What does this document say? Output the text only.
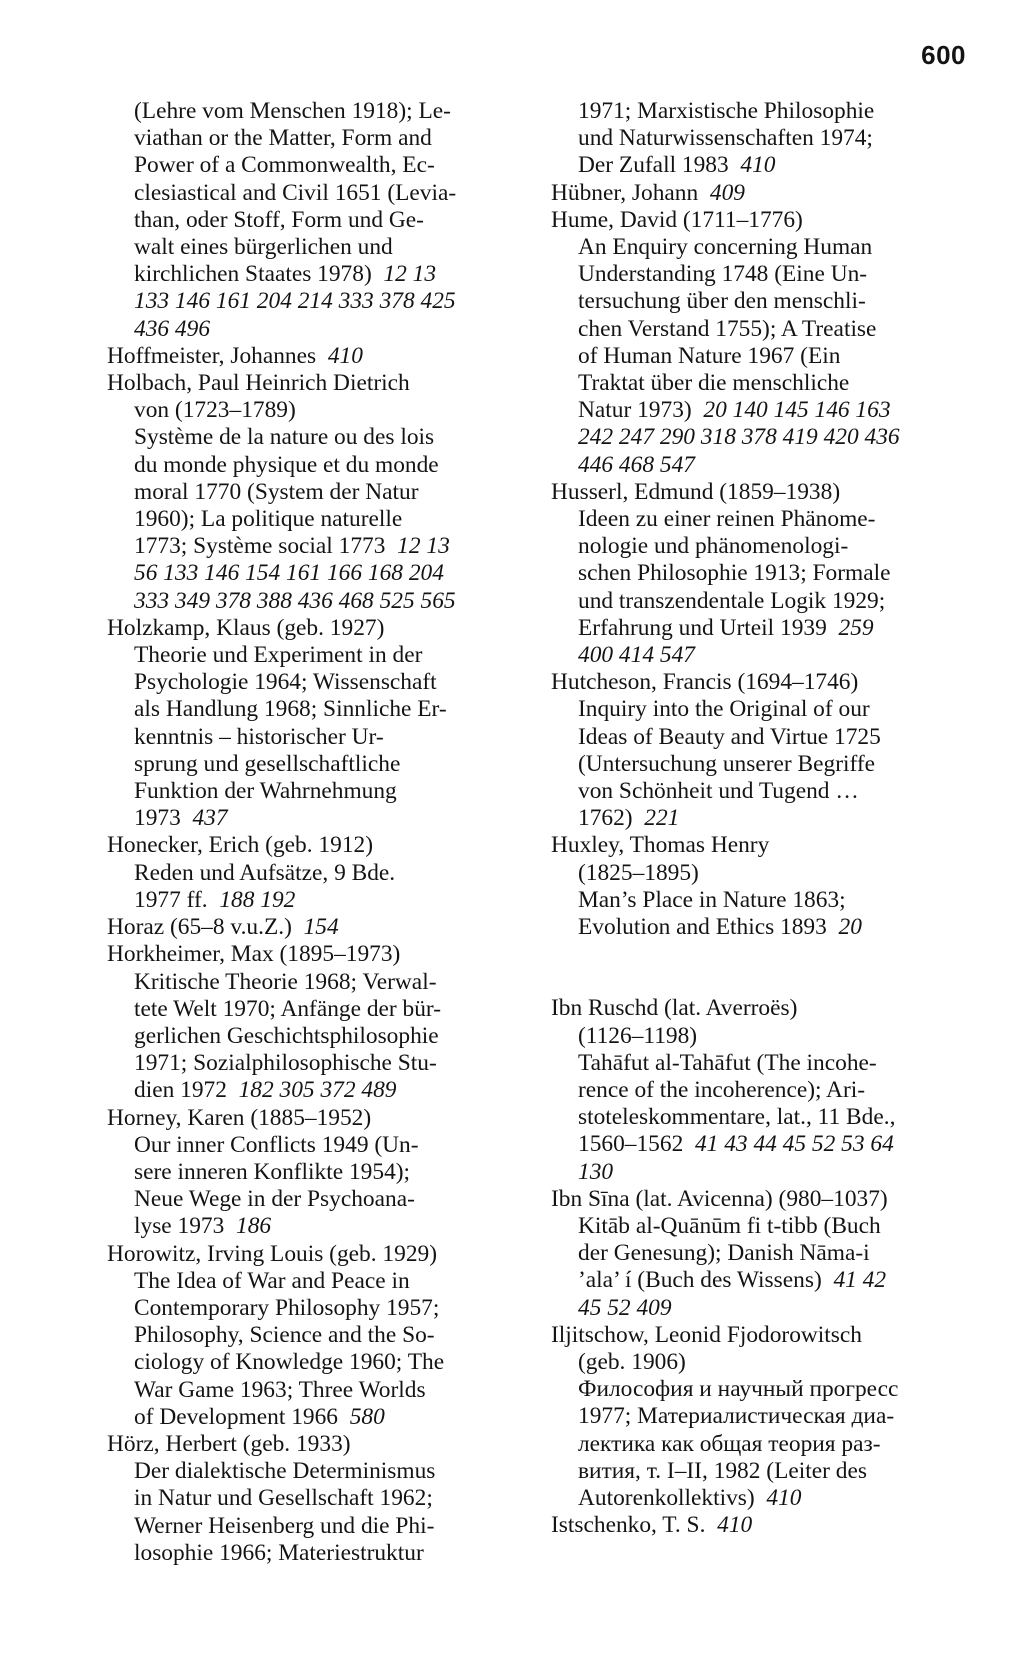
600
(Lehre vom Menschen 1918); Le-
viathan or the Matter, Form and
Power of a Commonwealth, Ec-
clesiastical and Civil 1651 (Levia-
than, oder Stoff, Form und Ge-
walt eines bürgerlichen und
kirchlichen Staates 1978)  12 13
133 146 161 204 214 333 378 425
436 496
Hoffmeister, Johannes  410
Holbach, Paul Heinrich Dietrich
von (1723–1789)
Système de la nature ou des lois
du monde physique et du monde
moral 1770 (System der Natur
1960); La politique naturelle
1773; Système social 1773  12 13
56 133 146 154 161 166 168 204
333 349 378 388 436 468 525 565
Holzkamp, Klaus (geb. 1927)
Theorie und Experiment in der
Psychologie 1964; Wissenschaft
als Handlung 1968; Sinnliche Er-
kenntnis – historischer Ur-
sprung und gesellschaftliche
Funktion der Wahrnehmung
1973  437
Honecker, Erich (geb. 1912)
Reden und Aufsätze, 9 Bde.
1977 ff.  188 192
Horaz (65–8 v.u.Z.)  154
Horkheimer, Max (1895–1973)
Kritische Theorie 1968; Verwal-
tete Welt 1970; Anfänge der bür-
gerlichen Geschichtsphilosophie
1971; Sozialphilosophische Stu-
dien 1972  182 305 372 489
Horney, Karen (1885–1952)
Our inner Conflicts 1949 (Un-
sere inneren Konflikte 1954);
Neue Wege in der Psychoana-
lyse 1973  186
Horowitz, Irving Louis (geb. 1929)
The Idea of War and Peace in
Contemporary Philosophy 1957;
Philosophy, Science and the So-
ciology of Knowledge 1960; The
War Game 1963; Three Worlds
of Development 1966  580
Hörz, Herbert (geb. 1933)
Der dialektische Determinismus
in Natur und Gesellschaft 1962;
Werner Heisenberg und die Phi-
losophie 1966; Materiestruktur
1971; Marxistische Philosophie
und Naturwissenschaften 1974;
Der Zufall 1983  410
Hübner, Johann  409
Hume, David (1711–1776)
An Enquiry concerning Human
Understanding 1748 (Eine Un-
tersuchung über den menschli-
chen Verstand 1755); A Treatise
of Human Nature 1967 (Ein
Traktat über die menschliche
Natur 1973)  20 140 145 146 163
242 247 290 318 378 419 420 436
446 468 547
Husserl, Edmund (1859–1938)
Ideen zu einer reinen Phänome-
nologie und phänomenologi-
schen Philosophie 1913; Formale
und transzendentale Logik 1929;
Erfahrung und Urteil 1939  259
400 414 547
Hutcheson, Francis (1694–1746)
Inquiry into the Original of our
Ideas of Beauty and Virtue 1725
(Untersuchung unserer Begriffe
von Schönheit und Tugend …
1762)  221
Huxley, Thomas Henry
(1825–1895)
Man’s Place in Nature 1863;
Evolution and Ethics 1893  20
Ibn Ruschd (lat. Averroës)
(1126–1198)
Tahāfut al-Tahāfut (The incohe-
rence of the incoherence); Ari-
stoteleskommentare, lat., 11 Bde.,
1560–1562  41 43 44 45 52 53 64
130
Ibn Sīna (lat. Avicenna) (980–1037)
Kitāb al-Quānūm fi t-tibb (Buch
der Genesung); Danish Nāma-i
’ala’ í (Buch des Wissens)  41 42
45 52 409
Iljitschow, Leonid Fjodorowitsch
(geb. 1906)
Философия и научный прогресс
1977; Материалистическая диа-
лектика как общая теория раз-
вития, т. I–II, 1982 (Leiter des
Autorenkollektivs)  410
Istschenko, T. S.  410
